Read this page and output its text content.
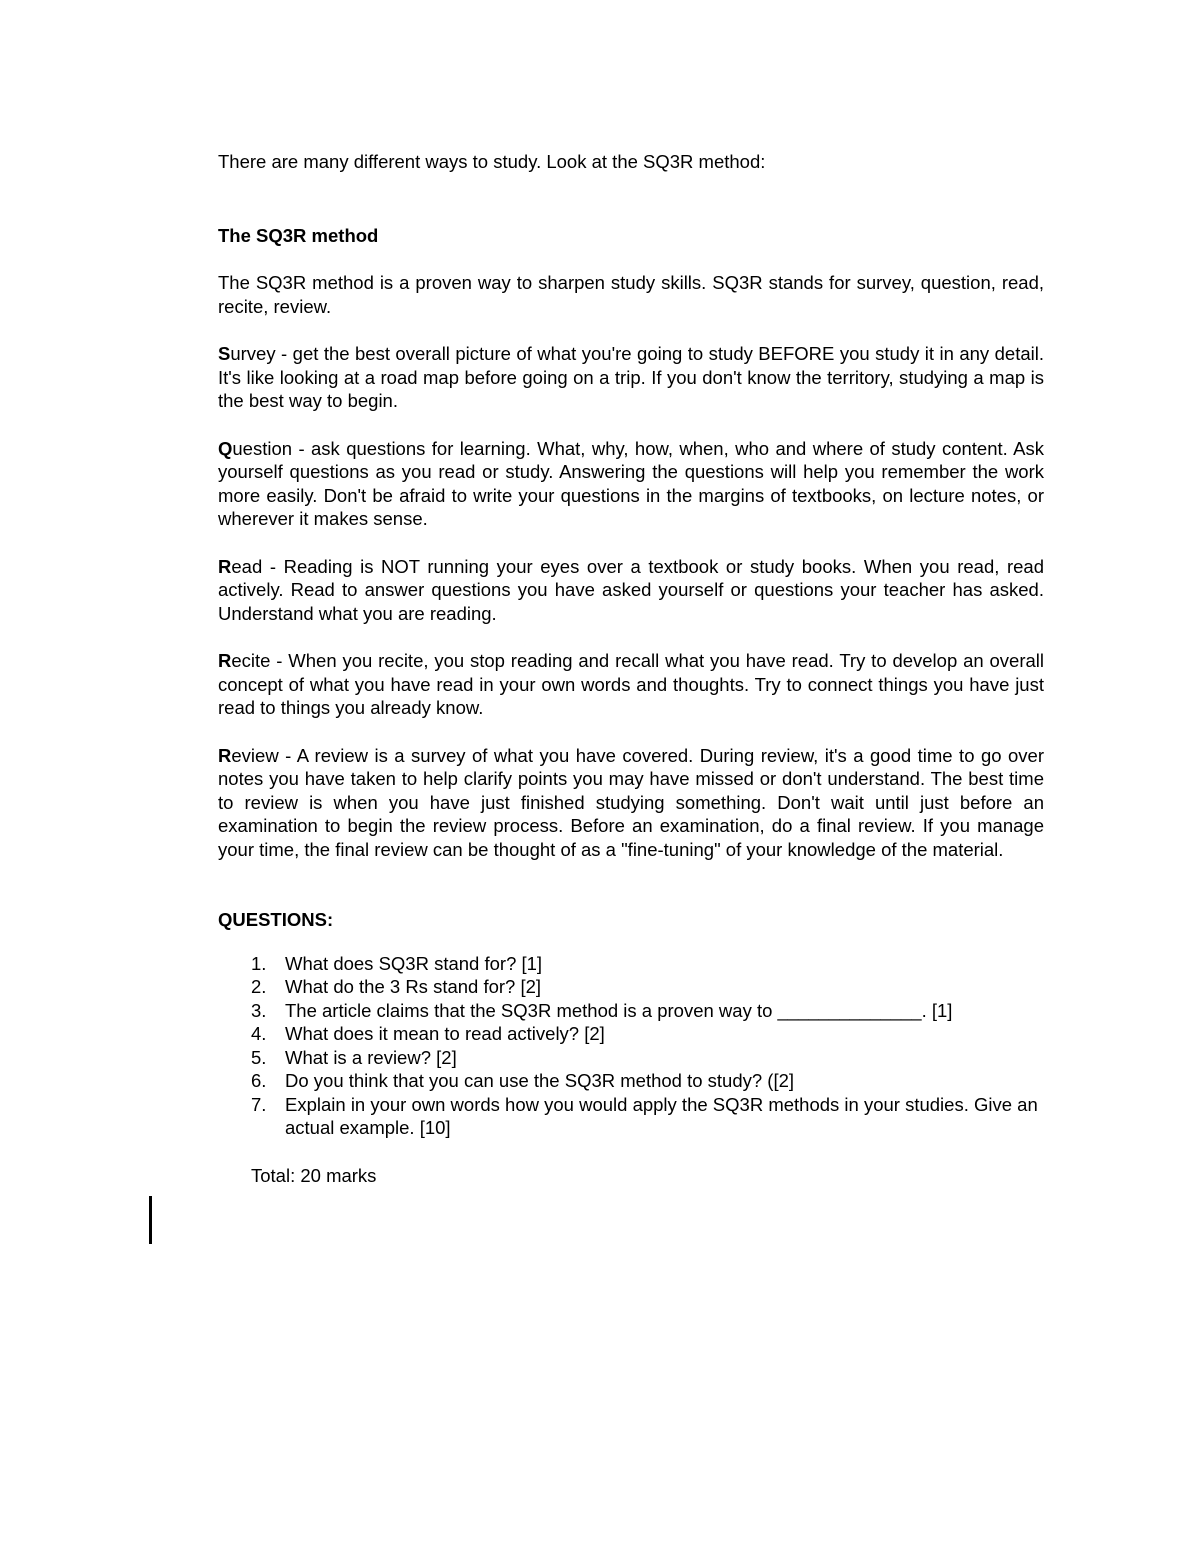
There are many different ways to study. Look at the SQ3R method:

The SQ3R method

The SQ3R method is a proven way to sharpen study skills. SQ3R stands for survey, question, read, recite, review.

Survey - get the best overall picture of what you're going to study BEFORE you study it in any detail. It's like looking at a road map before going on a trip. If you don't know the territory, studying a map is the best way to begin.

Question - ask questions for learning. What, why, how, when, who and where of study content. Ask yourself questions as you read or study. Answering the questions will help you remember the work more easily. Don't be afraid to write your questions in the margins of textbooks, on lecture notes, or wherever it makes sense.

Read - Reading is NOT running your eyes over a textbook or study books. When you read, read actively. Read to answer questions you have asked yourself or questions your teacher has asked. Understand what you are reading.

Recite - When you recite, you stop reading and recall what you have read. Try to develop an overall concept of what you have read in your own words and thoughts. Try to connect things you have just read to things you already know.

Review - A review is a survey of what you have covered. During review, it's a good time to go over notes you have taken to help clarify points you may have missed or don't understand. The best time to review is when you have just finished studying something. Don't wait until just before an examination to begin the review process. Before an examination, do a final review. If you manage your time, the final review can be thought of as a "fine-tuning" of your knowledge of the material.

QUESTIONS:

1.	What does SQ3R stand for? [1]
2.	What do the 3 Rs stand for? [2]
3.	The article claims that the SQ3R method is a proven way to ______________. [1]
4.	What does it mean to read actively? [2]
5.	What is a review? [2]
6.	Do you think that you can use the SQ3R method to study? ([2]
7.	Explain in your own words how you would apply the SQ3R methods in your studies. Give an actual example. [10]

Total: 20 marks
